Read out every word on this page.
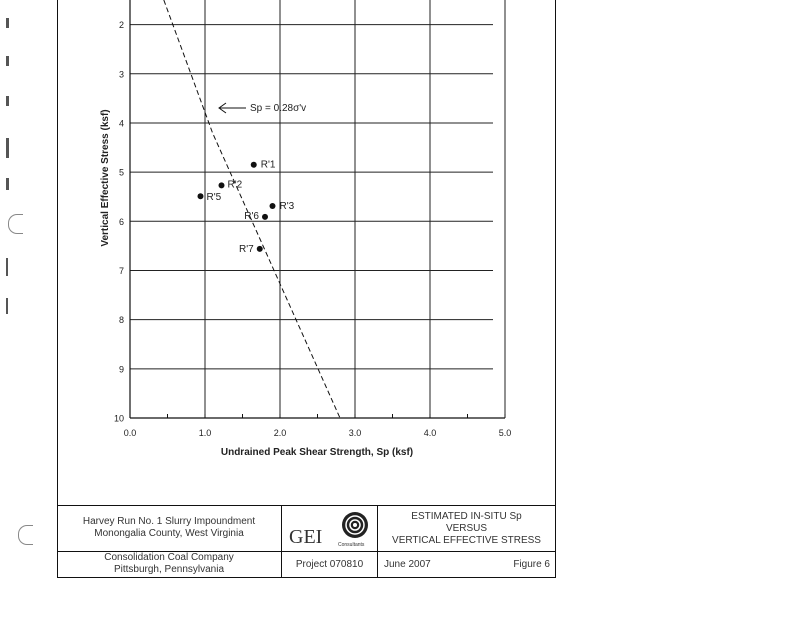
2
3
4
5
6
7
8
9
10
0.0	1.0	2.0	3.0	4.0	5.0
R'1
R'2
R'3
R'5
R'6
R'7
Sp = 0.28σ'v
Undrained Peak Shear Strength, Sp (ksf)
Vertical Effective Stress (ksf)
Harvey Run No. 1 Slurry Impoundment
Monongalia County, West Virginia
Consolidation Coal Company
Pittsburgh, Pennsylvania
GEI	Consultants
Project 070810
ESTIMATED IN-SITU Sp
VERSUS
VERTICAL EFFECTIVE STRESS
June 2007	Figure 6
